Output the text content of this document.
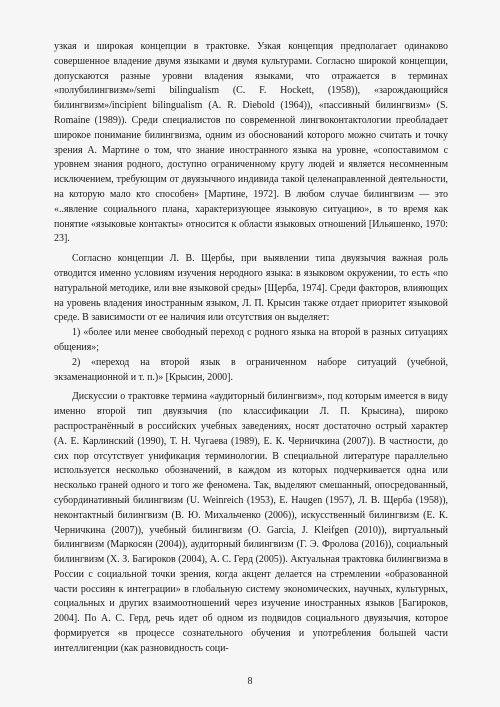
узкая и широкая концепции в трактовке. Узкая концепция предполагает одинаково совершенное владение двумя языками и двумя культурами. Согласно широкой концепции, допускаются разные уровни владения языками, что отражается в терминах «полубилингвизм»/semi bilingualism (C. F. Hockett, (1958)), «зарождающийся билингвизм»/incipient bilingualism (A. R. Diebold (1964)), «пассивный билингвизм» (S. Romaine (1989)). Среди специалистов по современной лингвоконтактологии преобладает широкое понимание билингвизма, одним из обоснований которого можно считать и точку зрения А. Мартине о том, что знание иностранного языка на уровне, «сопоставимом с уровнем знания родного, доступно ограниченному кругу людей и является несомненным исключением, требующим от двуязычного индивида такой целенаправленной деятельности, на которую мало кто способен» [Мартине, 1972]. В любом случае билингвизм — это «..явление социального плана, характеризующее языковую ситуацию», в то время как понятие «языковые контакты» относится к области языковых отношений [Ильяшенко, 1970: 23].

Согласно концепции Л. В. Щербы, при выявлении типа двуязычия важная роль отводится именно условиям изучения неродного языка: в языковом окружении, то есть «по натуральной методике, или вне языковой среды» [Щерба, 1974]. Среди факторов, влияющих на уровень владения иностранным языком, Л. П. Крысин также отдает приоритет языковой среде. В зависимости от ее наличия или отсутствия он выделяет:

1) «более или менее свободный переход с родного языка на второй в разных ситуациях общения»;

2) «переход на второй язык в ограниченном наборе ситуаций (учебной, экзаменационной и т. п.)» [Крысин, 2000].

Дискуссии о трактовке термина «аудиторный билингвизм», под которым имеется в виду именно второй тип двуязычия (по классификации Л. П. Крысина), широко распространённый в российских учебных заведениях, носят достаточно острый характер (А. Е. Карлинский (1990), Т. Н. Чугаева (1989), Е. К. Черничкина (2007)). В частности, до сих пор отсутствует унификация терминологии. В специальной литературе параллельно используется несколько обозначений, в каждом из которых подчеркивается одна или несколько граней одного и того же феномена. Так, выделяют смешанный, опосредованный, субординативный билингвизм (U. Weinreich (1953), E. Haugen (1957), Л. В. Щерба (1958)), неконтактный билингвизм (В. Ю. Михальченко (2006)), искусственный билингвизм (Е. К. Черничкина (2007)), учебный билингвизм (O. Garcia, J. Kleifgen (2010)), виртуальный билингвизм (Маркосян (2004)), аудиторный билингвизм (Г. Э. Фролова (2016)), социальный билингвизм (Х. З. Багироков (2004), А. С. Герд (2005)). Актуальная трактовка билингвизма в России с социальной точки зрения, когда акцент делается на стремлении «образованной части россиян к интеграции» в глобальную систему экономических, научных, культурных, социальных и других взаимоотношений через изучение иностранных языков [Багироков, 2004]. По А. С. Герд, речь идет об одном из подвидов социального двуязычия, которое формируется «в процессе сознательного обучения и употребления большей части интеллигенции (как разновидность соци-

8
